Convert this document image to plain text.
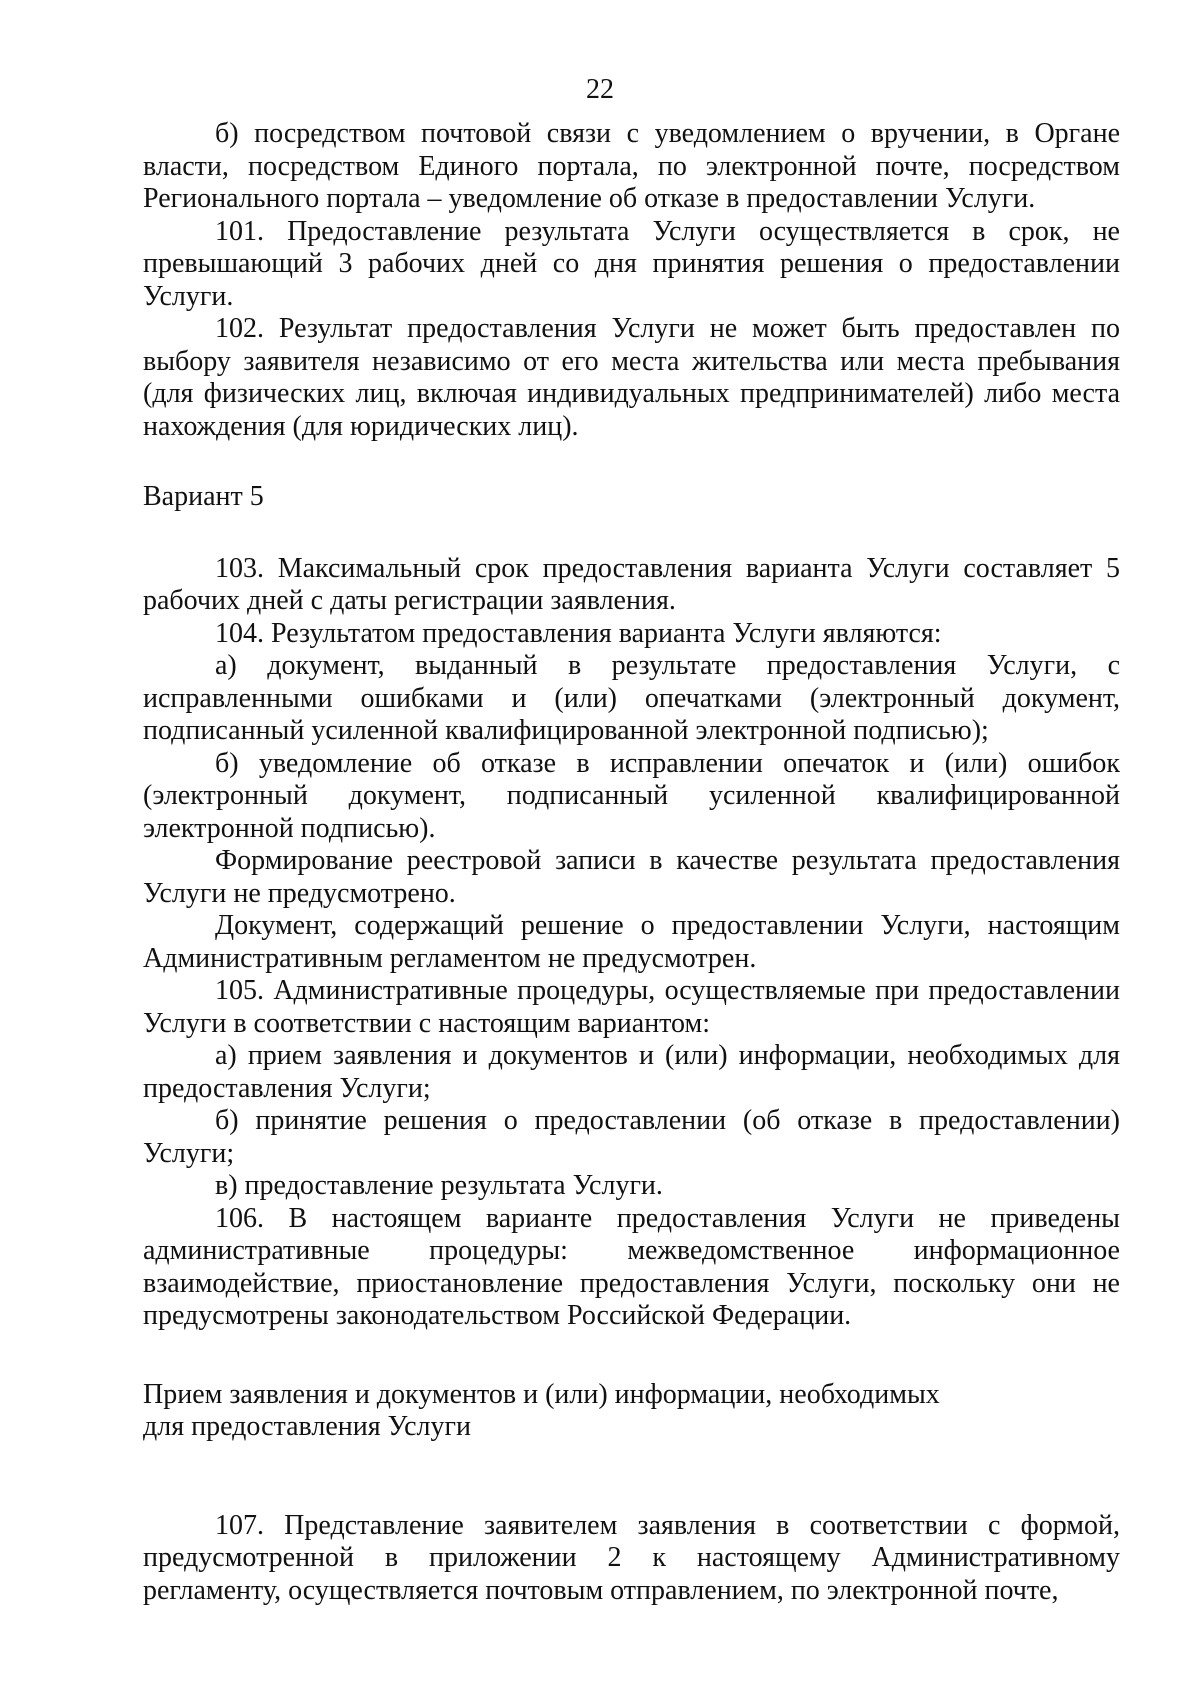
22

б) посредством почтовой связи с уведомлением о вручении, в Органе власти, посредством Единого портала, по электронной почте, посредством Регионального портала – уведомление об отказе в предоставлении Услуги.

101. Предоставление результата Услуги осуществляется в срок, не превышающий 3 рабочих дней со дня принятия решения о предоставлении Услуги.

102. Результат предоставления Услуги не может быть предоставлен по выбору заявителя независимо от его места жительства или места пребывания (для физических лиц, включая индивидуальных предпринимателей) либо места нахождения (для юридических лиц).

Вариант 5

103. Максимальный срок предоставления варианта Услуги составляет 5 рабочих дней с даты регистрации заявления.

104. Результатом предоставления варианта Услуги являются:

а) документ, выданный в результате предоставления Услуги, с исправленными ошибками и (или) опечатками (электронный документ, подписанный усиленной квалифицированной электронной подписью);

б) уведомление об отказе в исправлении опечаток и (или) ошибок (электронный документ, подписанный усиленной квалифицированной электронной подписью).

Формирование реестровой записи в качестве результата предоставления Услуги не предусмотрено.

Документ, содержащий решение о предоставлении Услуги, настоящим Административным регламентом не предусмотрен.

105. Административные процедуры, осуществляемые при предоставлении Услуги в соответствии с настоящим вариантом:

а) прием заявления и документов и (или) информации, необходимых для предоставления Услуги;

б) принятие решения о предоставлении (об отказе в предоставлении) Услуги;

в) предоставление результата Услуги.

106. В настоящем варианте предоставления Услуги не приведены административные процедуры: межведомственное информационное взаимодействие, приостановление предоставления Услуги, поскольку они не предусмотрены законодательством Российской Федерации.

Прием заявления и документов и (или) информации, необходимых
для предоставления Услуги

107. Представление заявителем заявления в соответствии с формой, предусмотренной в приложении 2 к настоящему Административному регламенту, осуществляется почтовым отправлением, по электронной почте,
